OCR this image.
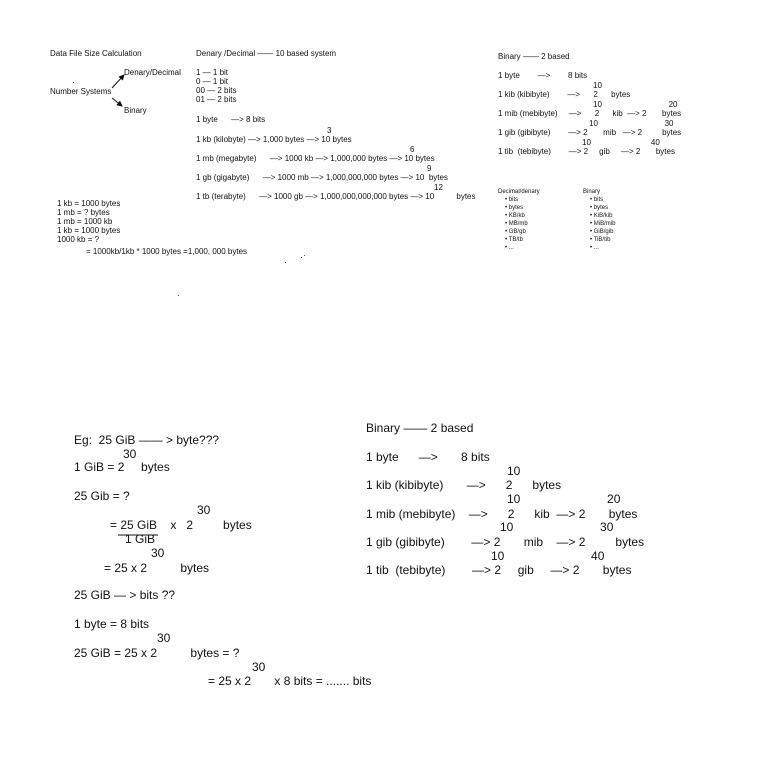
Data File Size Calculation
Number Systems
Denary/Decimal
Binary
Denary /Decimal —— 10 based system
1 — 1 bit
0 — 1 bit
00 — 2 bits
01 — 2 bits
1 byte      —> 8 bits
3
1 kb (kilobyte) —> 1,000 bytes —> 10 bytes
6
1 mb (megabyte)      —> 1000 kb —> 1,000,000 bytes —> 10 bytes
9
1 gb (gigabyte)      —> 1000 mb —> 1,000,000,000 bytes —> 10  bytes
12
1 tb (terabyte)      —> 1000 gb —> 1,000,000,000,000 bytes —> 10          bytes
1 kb = 1000 bytes
1 mb = ? bytes
1 mb = 1000 kb
1 kb = 1000 bytes
1000 kb = ?
= 1000kb/1kb * 1000 bytes =1,000, 000 bytes
Binary —— 2 based
1 byte        —>        8 bits
10
1 kib (kibibyte)        —>      2      bytes
10                              20
1 mib (mebibyte)     —>      2      kib  —> 2       bytes
10                              30
1 gib (gibibyte)        —> 2       mib   —> 2         bytes
10                           40
1 tib  (tebibyte)        —> 2     gib     —> 2       bytes
Decimal/denary
• bits
• bytes
• KB/kb
• MB/mb
• GB/gb
• TB/tb
• ...
Binary
• bits
• bytes
• KiB/kib
• MiB/mib
• GiB/gib
• TiB/tib
• ...
Eg:  25 GiB —— > byte???
30
1 GiB = 2     bytes
25 Gib = ?
30
= 25 GiB    x   2         bytes
1 GiB
30
= 25 x 2          bytes
25 GiB — > bits ??
1 byte = 8 bits
30
25 GiB = 25 x 2          bytes = ?
30
= 25 x 2       x 8 bits = ....... bits
Binary —— 2 based
1 byte      —>       8 bits
10
1 kib (kibibyte)       —>      2      bytes
10                          20
1 mib (mebibyte)    —>      2      kib  —> 2       bytes
10                          30
1 gib (gibibyte)        —> 2       mib    —> 2         bytes
10                          40
1 tib  (tebibyte)        —> 2     gib     —> 2       bytes
